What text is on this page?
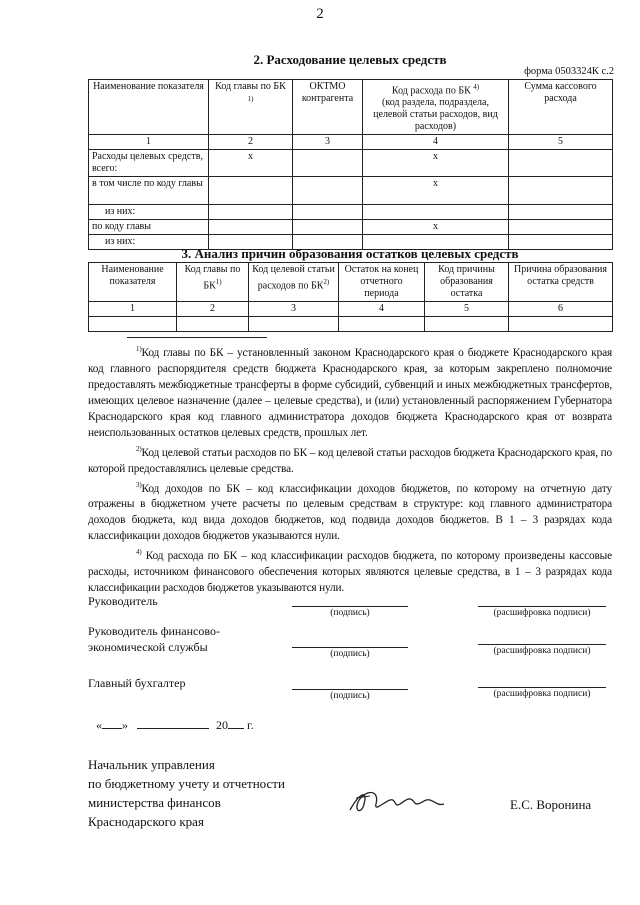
2
2. Расходование целевых средств
форма 0503324К с.2
Наименование показателя	Код главы по БК $^{1)}$	ОКТМО контрагента	Код расхода по БК $^{4)}$
(код раздела, подраздела, целевой статьи расходов, вид расходов)	Сумма кассового расхода
1	2	3	4	5
Расходы целевых средств, всего:	x		x	
в том числе по коду главы			x	
из них:				
по коду главы			x	
из них:				
3. Анализ причин образования остатков целевых средств
Наименование показателя	Код главы по БК$^{1)}$	Код целевой статьи расходов по БК$^{2)}$	Остаток на конец отчетного периода	Код причины образования остатка	Причина образования остатка средств
1	2	3	4	5	6

$^{1)}$Код главы по БК – установленный законом Краснодарского края о бюджете Краснодарского края код главного распорядителя средств бюджета Краснодарского края, за которым закреплено полномочие предоставлять межбюджетные трансферты в форме субсидий, субвенций и иных межбюджетных трансфертов, имеющих целевое назначение (далее – целевые средства), и (или) установленный распоряжением Губернатора Краснодарского края код главного администратора доходов бюджета Краснодарского края от возврата неиспользованных остатков целевых средств, прошлых лет.

$^{2)}$Код целевой статьи расходов по БК – код целевой статьи расходов бюджета Краснодарского края, по которой предоставлялись целевые средства.

$^{3)}$Код доходов по БК – код классификации доходов бюджетов, по которому на отчетную дату отражены в бюджетном учете расчеты по целевым средствам в структуре: код главного администратора доходов бюджета, код вида доходов бюджетов, код подвида доходов бюджетов. В 1 – 3 разрядах кода классификации доходов бюджетов указываются нули.

$^{4)}$ Код расхода по БК – код классификации расходов бюджета, по которому произведены кассовые расходы, источником финансового обеспечения которых являются целевые средства, в 1 – 3 разрядах кода классификации расходов бюджетов указываются нули.

Руководитель
(подпись)	(расшифровка подписи)
Руководитель финансово-экономической службы	(подпись)	(расшифровка подписи)
Главный бухгалтер
(подпись)	(расшифровка подписи)
« »	20 г.
Начальник управления
по бюджетному учету и отчетности
министерства финансов
Краснодарского края
Е.С. Воронина
